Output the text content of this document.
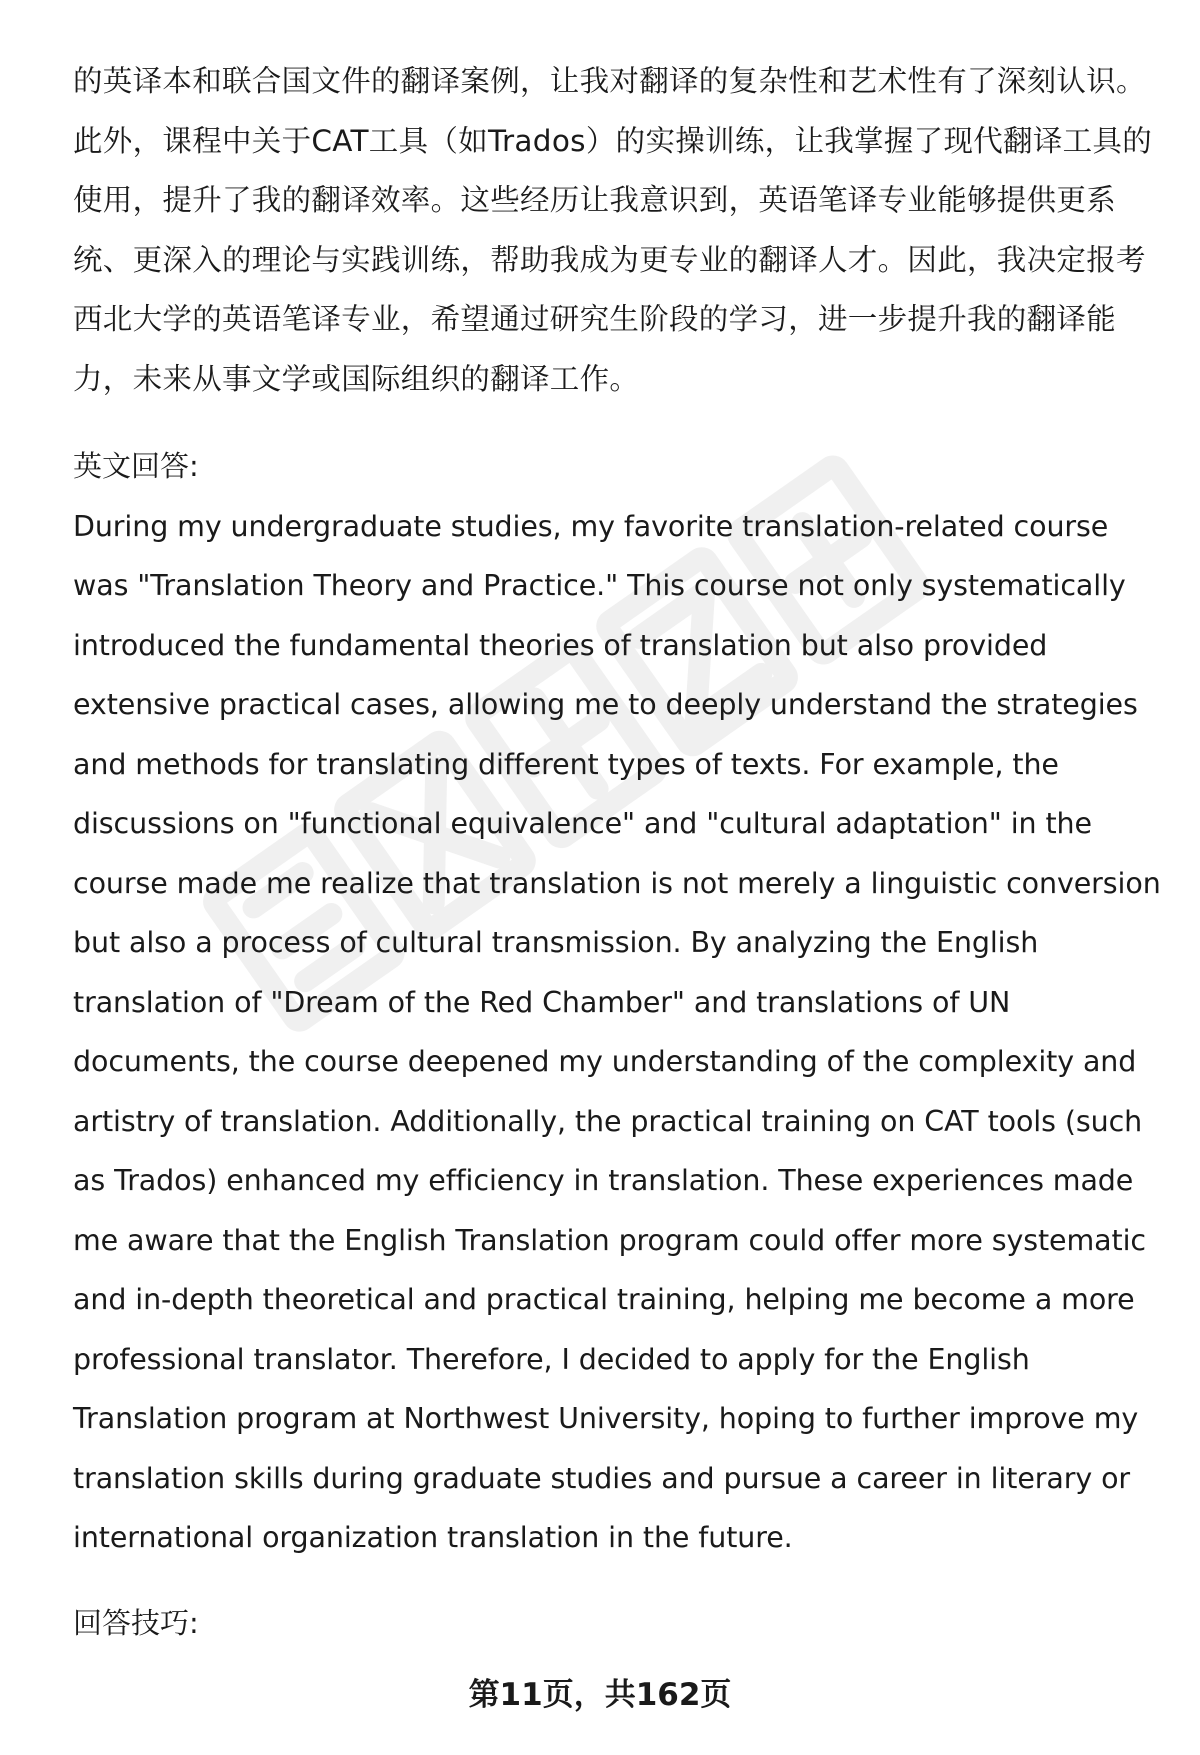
的英译本和联合国文件的翻译案例，让我对翻译的复杂性和艺术性有了深刻认识。
此外，课程中关于CAT工具（如Trados）的实操训练，让我掌握了现代翻译工具的
使用，提升了我的翻译效率。这些经历让我意识到，英语笔译专业能够提供更系
统、更深入的理论与实践训练，帮助我成为更专业的翻译人才。因此，我决定报考
西北大学的英语笔译专业，希望通过研究生阶段的学习，进一步提升我的翻译能
力，未来从事文学或国际组织的翻译工作。
英文回答:
During my undergraduate studies, my favorite translation-related course
was "Translation Theory and Practice." This course not only systematically
introduced the fundamental theories of translation but also provided
extensive practical cases, allowing me to deeply understand the strategies
and methods for translating different types of texts. For example, the
discussions on "functional equivalence" and "cultural adaptation" in the
course made me realize that translation is not merely a linguistic conversion
but also a process of cultural transmission. By analyzing the English
translation of "Dream of the Red Chamber" and translations of UN
documents, the course deepened my understanding of the complexity and
artistry of translation. Additionally, the practical training on CAT tools (such
as Trados) enhanced my efficiency in translation. These experiences made
me aware that the English Translation program could offer more systematic
and in-depth theoretical and practical training, helping me become a more
professional translator. Therefore, I decided to apply for the English
Translation program at Northwest University, hoping to further improve my
translation skills during graduate studies and pursue a career in literary or
international organization translation in the future.
回答技巧:
第11页，共162页
